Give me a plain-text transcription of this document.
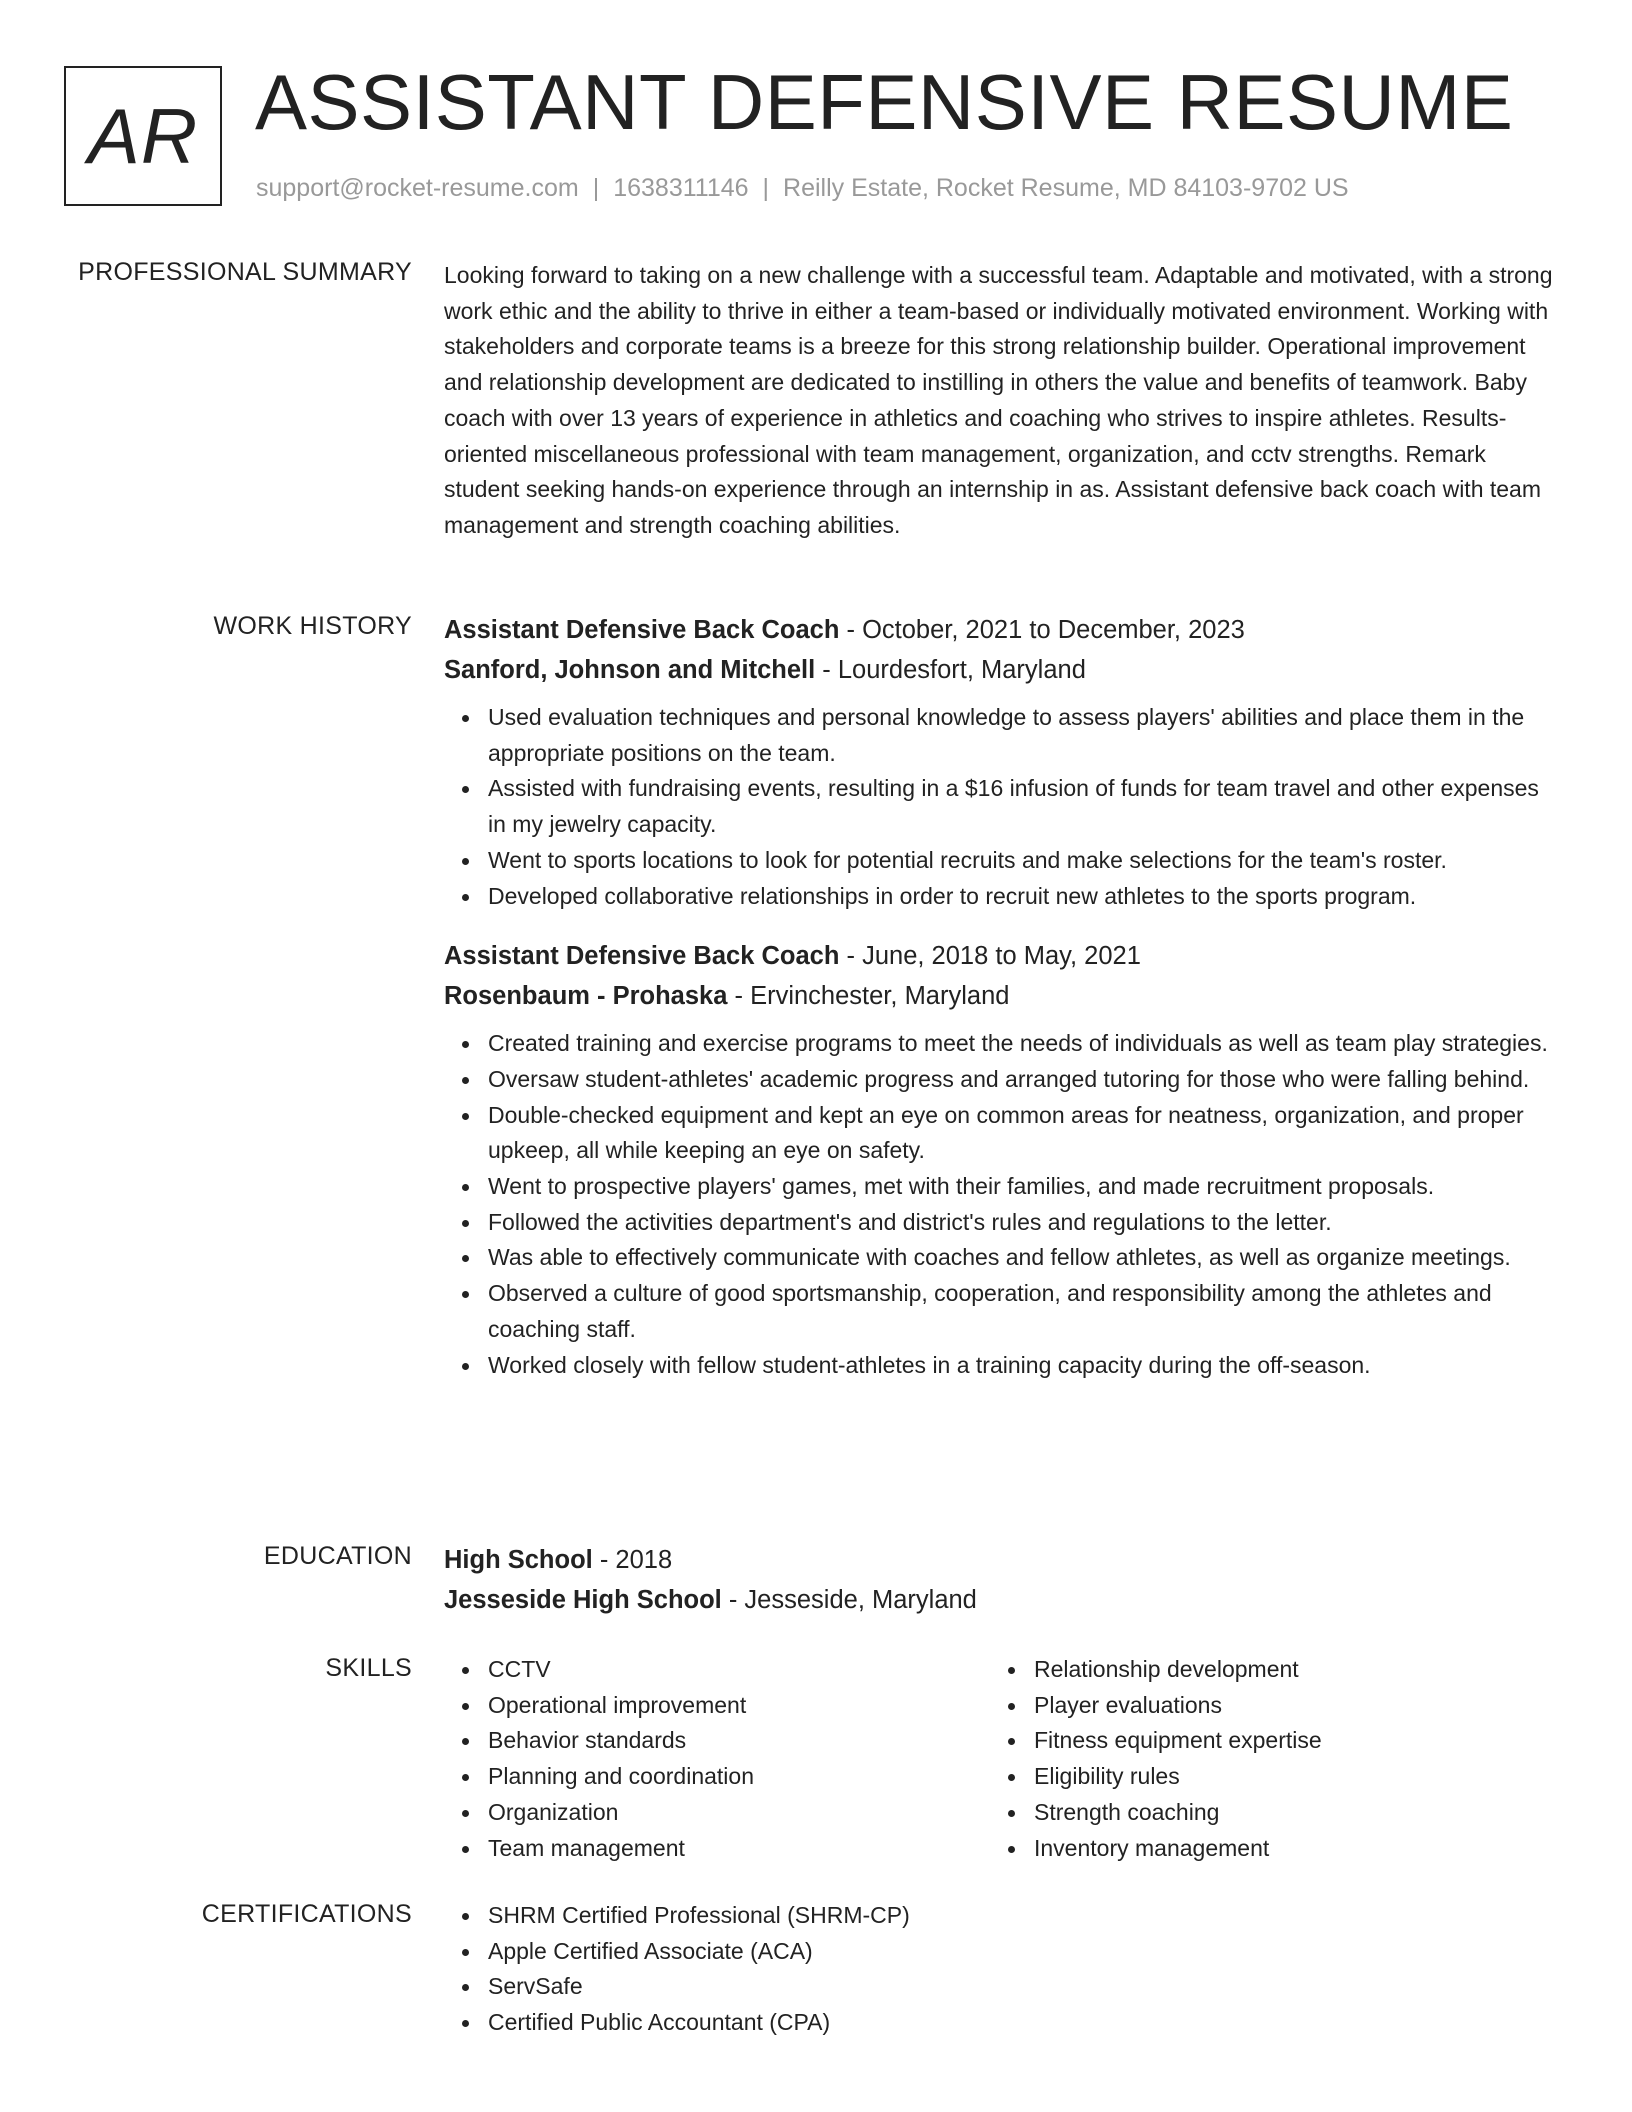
AR ASSISTANT DEFENSIVE RESUME
support@rocket-resume.com | 1638311146 | Reilly Estate, Rocket Resume, MD 84103-9702 US
PROFESSIONAL SUMMARY Looking forward to taking on a new challenge with a successful team. Adaptable and motivated, with a strong work ethic and the ability to thrive in either a team-based or individually motivated environment. Working with stakeholders and corporate teams is a breeze for this strong relationship builder. Operational improvement and relationship development are dedicated to instilling in others the value and benefits of teamwork. Baby coach with over 13 years of experience in athletics and coaching who strives to inspire athletes. Results-oriented miscellaneous professional with team management, organization, and cctv strengths. Remark student seeking hands-on experience through an internship in as. Assistant defensive back coach with team management and strength coaching abilities.

WORK HISTORY Assistant Defensive Back Coach - October, 2021 to December, 2023

Sanford, Johnson and Mitchell - Lourdesfort, Maryland

Used evaluation techniques and personal knowledge to assess players' abilities and place them in the appropriate positions on the team.
Assisted with fundraising events, resulting in a $16 infusion of funds for team travel and other expenses in my jewelry capacity.
Went to sports locations to look for potential recruits and make selections for the team's roster.
Developed collaborative relationships in order to recruit new athletes to the sports program.

Assistant Defensive Back Coach - June, 2018 to May, 2021

Rosenbaum - Prohaska - Ervinchester, Maryland

Created training and exercise programs to meet the needs of individuals as well as team play strategies.
Oversaw student-athletes' academic progress and arranged tutoring for those who were falling behind.
Double-checked equipment and kept an eye on common areas for neatness, organization, and proper upkeep, all while keeping an eye on safety.
Went to prospective players' games, met with their families, and made recruitment proposals.
Followed the activities department's and district's rules and regulations to the letter.
Was able to effectively communicate with coaches and fellow athletes, as well as organize meetings.
Observed a culture of good sportsmanship, cooperation, and responsibility among the athletes and coaching staff.
Worked closely with fellow student-athletes in a training capacity during the off-season.
EDUCATION High School - 2018

Jesseside High School - Jesseside, Maryland

SKILLS	CCTV
Operational improvement
Behavior standards
Planning and coordination
Organization
Team management
Relationship development
Player evaluations
Fitness equipment expertise
Eligibility rules
Strength coaching
Inventory management
CERTIFICATIONS	SHRM Certified Professional (SHRM-CP)
Apple Certified Associate (ACA)
ServSafe
Certified Public Accountant (CPA)
